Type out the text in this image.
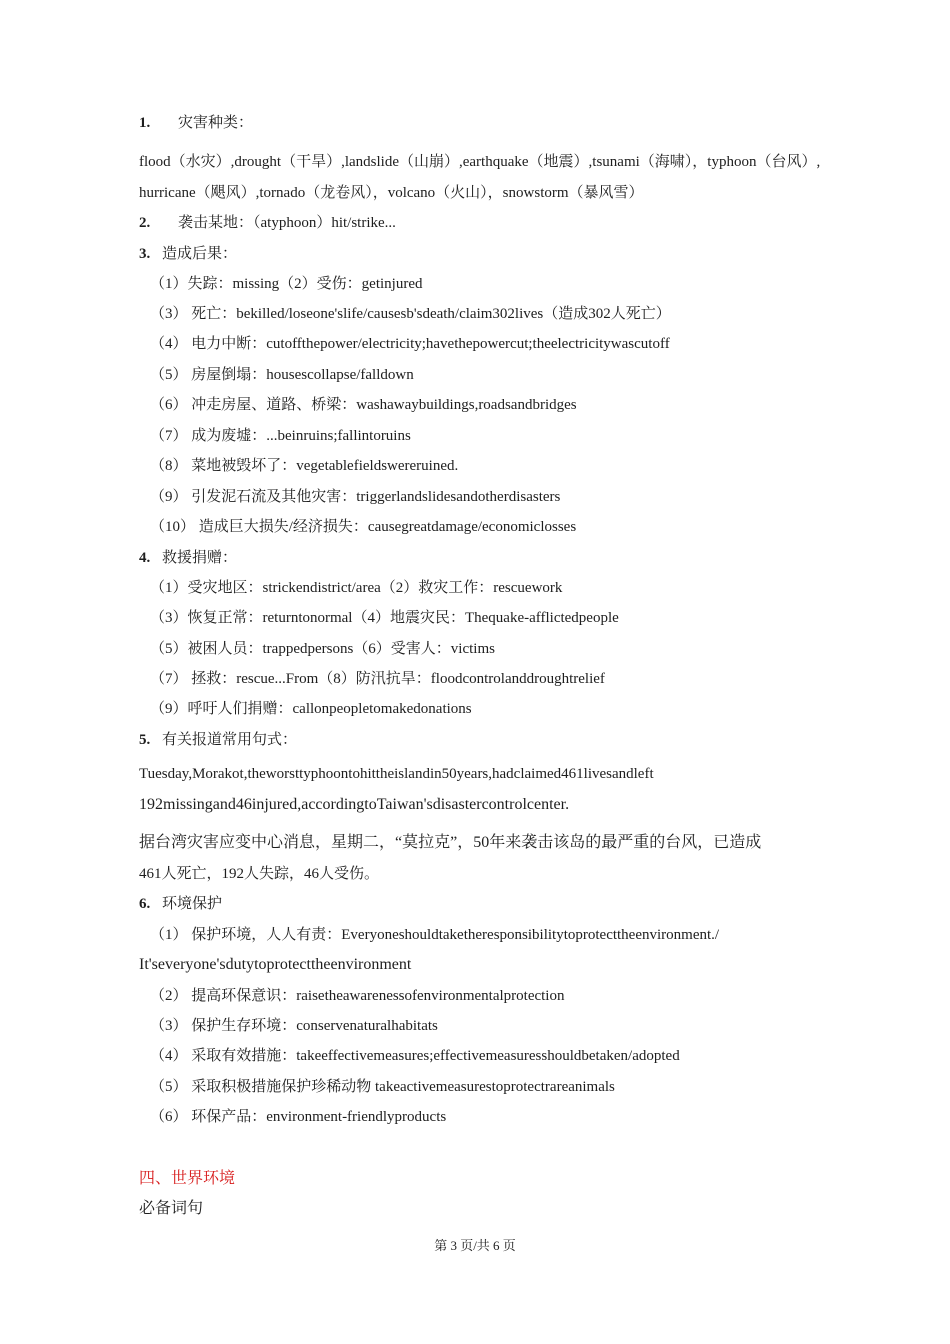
1. 灾害种类：
flood（水灾）,drought（干旱）,landslide（山崩）,earthquake（地震）,tsunami（海啸），typhoon（台风）,
hurricane（飓风）,tornado（龙卷风），volcano（火山），snowstorm（暴风雪）
2. 袭击某地：（atyphoon）hit/strike...
3. 造成后果：
（1）失踪：missing（2）受伤：getinjured
（3） 死亡：bekilled/loseone'slife/causesb'sdeath/claim302lives（造成302人死亡）
（4） 电力中断：cutoffthepower/electricity;havethepowercut;theelectricitywascutoff
（5） 房屋倒塌：housescollapse/falldown
（6） 冲走房屋、道路、桥梁：washawaybuildings,roadsandbridges
（7） 成为废墟：...beinruins;fallintoruins
（8） 菜地被毁坏了：vegetablefieldswereruined.
（9） 引发泥石流及其他灾害：triggerlandslidesandotherdisasters
（10） 造成巨大损失/经济损失：causegreatdamage/economiclosses
4. 救援捐赠：
（1）受灾地区：strickendistrict/area（2）救灾工作：rescuework
（3）恢复正常：returntonormal（4）地震灾民：Thequake-afflictedpeople
（5）被困人员：trappedpersons（6）受害人：victims
（7） 拯救：rescue...From（8）防汛抗旱：floodcontrolanddroughtrelief
（9）呼吁人们捐赠：callonpeopletomakedonations
5. 有关报道常用句式：
Tuesday,Morakot,theworsttyphoontohittheislandin50years,hadclaimed461livesandleft
192missingand46injured,accordingtoTaiwan'sdisastercontrolcenter.
据台湾灾害应变中心消息，星期二，“莫拉克”，50年来袭击该岛的最严重的台风，已造成
461人死亡，192人失踪，46人受伤。
6. 环境保护
（1） 保护环境，人人有责：Everyoneshouldtaketheresponsibilitytoprotecttheenvironment./
It'severyone'sdutytoprotecttheenvironment
（2） 提高环保意识：raisetheawarenessofenvironmentalprotection
（3） 保护生存环境：conservenaturalhabitats
（4） 采取有效措施：takeeffectivemeasures;effectivemeasuresshouldbetaken/adopted
（5） 采取积极措施保护珍稀动物 takeactivemeasurestoprotectrareanimals
（6） 环保产品：environment-friendlyproducts
四、世界环境
必备词句
第 3 页/共 6 页
